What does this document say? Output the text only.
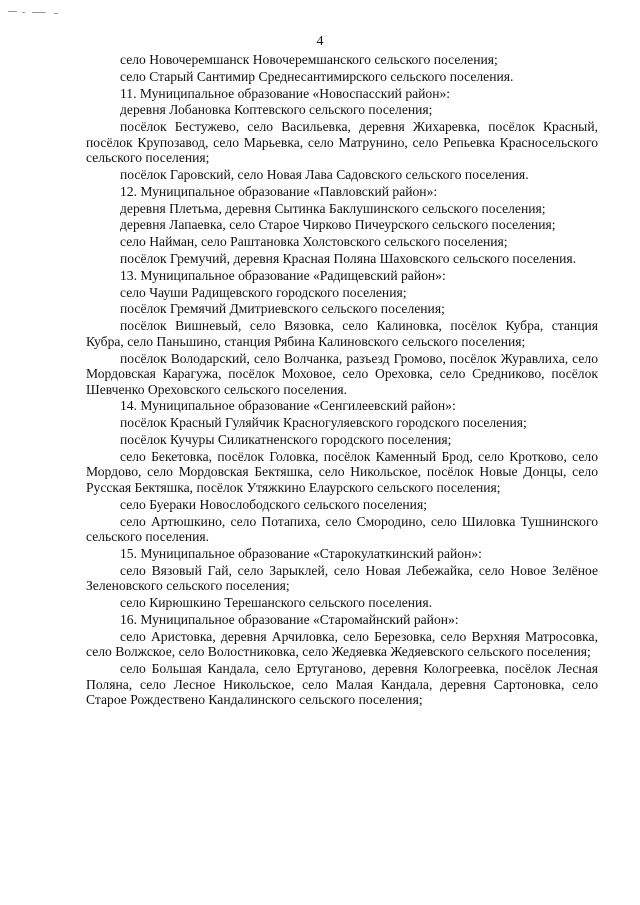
4

село Новочеремшанск Новочеремшанского сельского поселения;

село Старый Сантимир Среднесантимирского сельского поселения.

11. Муниципальное образование «Новоспасский район»:

деревня Лобановка Коптевского сельского поселения;

посёлок Бестужево, село Васильевка, деревня Жихаревка, посёлок Красный, посёлок Крупозавод, село Марьевка, село Матрунино, село Репьевка Красносельского сельского поселения;

посёлок Гаровский, село Новая Лава Садовского сельского поселения.

12. Муниципальное образование «Павловский район»:

деревня Плетьма, деревня Сытинка Баклушинского сельского поселения;

деревня Лапаевка, село Старое Чирково Пичеурского сельского поселения;

село Найман, село Раштановка Холстовского сельского поселения;

посёлок Гремучий, деревня Красная Поляна Шаховского сельского поселения.

13. Муниципальное образование «Радищевский район»:

село Чауши Радищевского городского поселения;

посёлок Гремячий Дмитриевского сельского поселения;

посёлок Вишневый, село Вязовка, село Калиновка, посёлок Кубра, станция Кубра, село Паньшино, станция Рябина Калиновского сельского поселения;

посёлок Володарский, село Волчанка, разъезд Громово, посёлок Журавлиха, село Мордовская Карагужа, посёлок Моховое, село Ореховка, село Средниково, посёлок Шевченко Ореховского сельского поселения.

14. Муниципальное образование «Сенгилеевский район»:

посёлок Красный Гуляйчик Красногуляевского городского поселения;

посёлок Кучуры Силикатненского городского поселения;

село Бекетовка, посёлок Головка, посёлок Каменный Брод, село Кротково, село Мордово, село Мордовская Бектяшка, село Никольское, посёлок Новые Донцы, село Русская Бектяшка, посёлок Утяжкино Елаурского сельского поселения;

село Буераки Новослободского сельского поселения;

село Артюшкино, село Потапиха, село Смородино, село Шиловка Тушнинского сельского поселения.

15. Муниципальное образование «Старокулаткинский район»:

село Вязовый Гай, село Зарыклей, село Новая Лебежайка, село Новое Зелёное Зеленовского сельского поселения;

село Кирюшкино Терешанского сельского поселения.

16. Муниципальное образование «Старомайнский район»:

село Аристовка, деревня Арчиловка, село Березовка, село Верхняя Матросовка, село Волжское, село Волостниковка, село Жедяевка Жедяевского сельского поселения;

село Большая Кандала, село Ертуганово, деревня Кологреевка, посёлок Лесная Поляна, село Лесное Никольское, село Малая Кандала, деревня Сартоновка, село Старое Рождествено Кандалинского сельского поселения;
